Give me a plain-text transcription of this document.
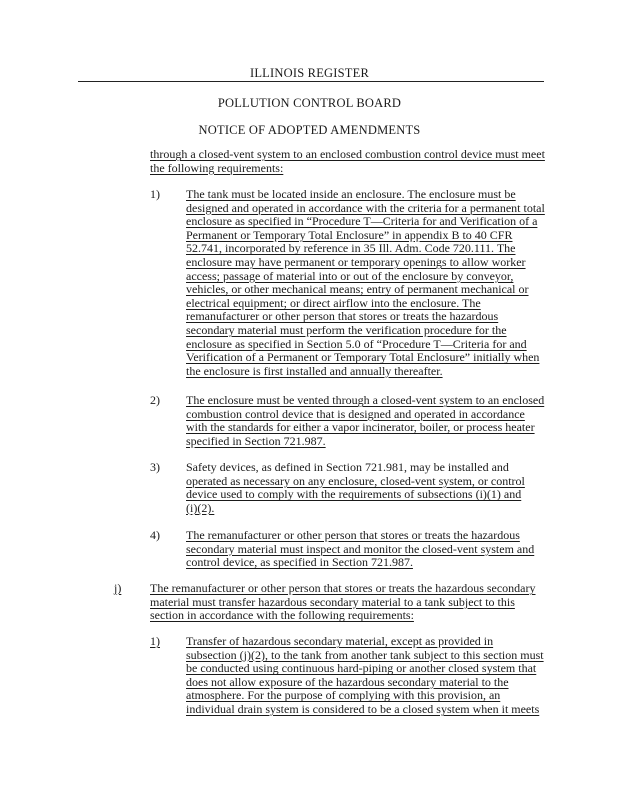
ILLINOIS REGISTER
POLLUTION CONTROL BOARD
NOTICE OF ADOPTED AMENDMENTS
through a closed-vent system to an enclosed combustion control device must meet
the following requirements:
1) The tank must be located inside an enclosure. The enclosure must be
designed and operated in accordance with the criteria for a permanent total
enclosure as specified in “Procedure T—Criteria for and Verification of a
Permanent or Temporary Total Enclosure” in appendix B to 40 CFR
52.741, incorporated by reference in 35 Ill. Adm. Code 720.111. The
enclosure may have permanent or temporary openings to allow worker
access; passage of material into or out of the enclosure by conveyor,
vehicles, or other mechanical means; entry of permanent mechanical or
electrical equipment; or direct airflow into the enclosure. The
remanufacturer or other person that stores or treats the hazardous
secondary material must perform the verification procedure for the
enclosure as specified in Section 5.0 of “Procedure T—Criteria for and
Verification of a Permanent or Temporary Total Enclosure” initially when
the enclosure is first installed and annually thereafter.
2) The enclosure must be vented through a closed-vent system to an enclosed
combustion control device that is designed and operated in accordance
with the standards for either a vapor incinerator, boiler, or process heater
specified in Section 721.987.
3) Safety devices, as defined in Section 721.981, may be installed and
operated as necessary on any enclosure, closed-vent system, or control
device used to comply with the requirements of subsections (i)(1) and
(i)(2).
4) The remanufacturer or other person that stores or treats the hazardous
secondary material must inspect and monitor the closed-vent system and
control device, as specified in Section 721.987.
j) The remanufacturer or other person that stores or treats the hazardous secondary
material must transfer hazardous secondary material to a tank subject to this
section in accordance with the following requirements:
1) Transfer of hazardous secondary material, except as provided in
subsection (j)(2), to the tank from another tank subject to this section must
be conducted using continuous hard-piping or another closed system that
does not allow exposure of the hazardous secondary material to the
atmosphere. For the purpose of complying with this provision, an
individual drain system is considered to be a closed system when it meets
